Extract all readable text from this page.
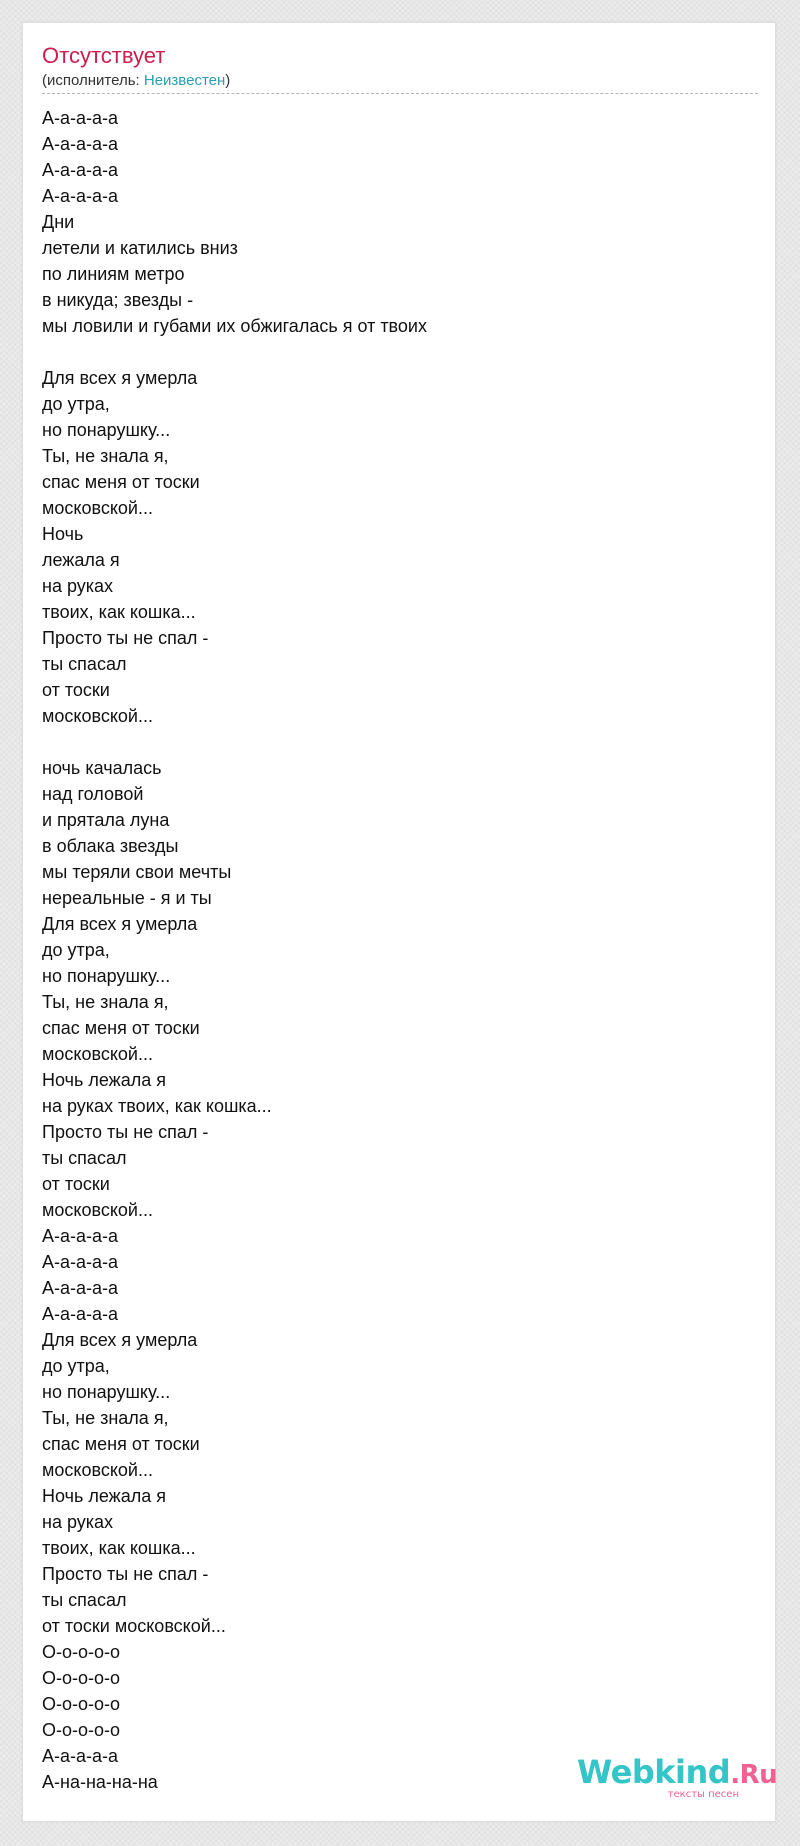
Отсутствует
(исполнитель: Неизвестен)
А-а-а-а-а
А-а-а-а-а
А-а-а-а-а
А-а-а-а-а
Дни
летели и катились вниз
по линиям метро
в никуда; звезды -
мы ловили и губами их обжигалась я от твоих

Для всех я умерла
до утра,
но понарушку...
Ты, не знала я,
спас меня от тоски
московской...
Ночь
лежала я
на руках
твоих, как кошка...
Просто ты не спал -
ты спасал
от тоски
московской...

ночь качалась
над головой
и прятала луна
в облака звезды
мы теряли свои мечты
нереальные - я и ты
Для всех я умерла
до утра,
но понарушку...
Ты, не знала я,
спас меня от тоски
московской...
Ночь лежала я
на руках твоих, как кошка...
Просто ты не спал -
ты спасал
от тоски
московской...
А-а-а-а-а
А-а-а-а-а
А-а-а-а-а
А-а-а-а-а
Для всех я умерла
до утра,
но понарушку...
Ты, не знала я,
спас меня от тоски
московской...
Ночь лежала я
на руках
твоих, как кошка...
Просто ты не спал -
ты спасал
от тоски московской...
О-о-о-о-о
О-о-о-о-о
О-о-о-о-о
О-о-о-о-о
А-а-а-а-а
А-на-на-на-на	Webkind.Ru
тексты песен
